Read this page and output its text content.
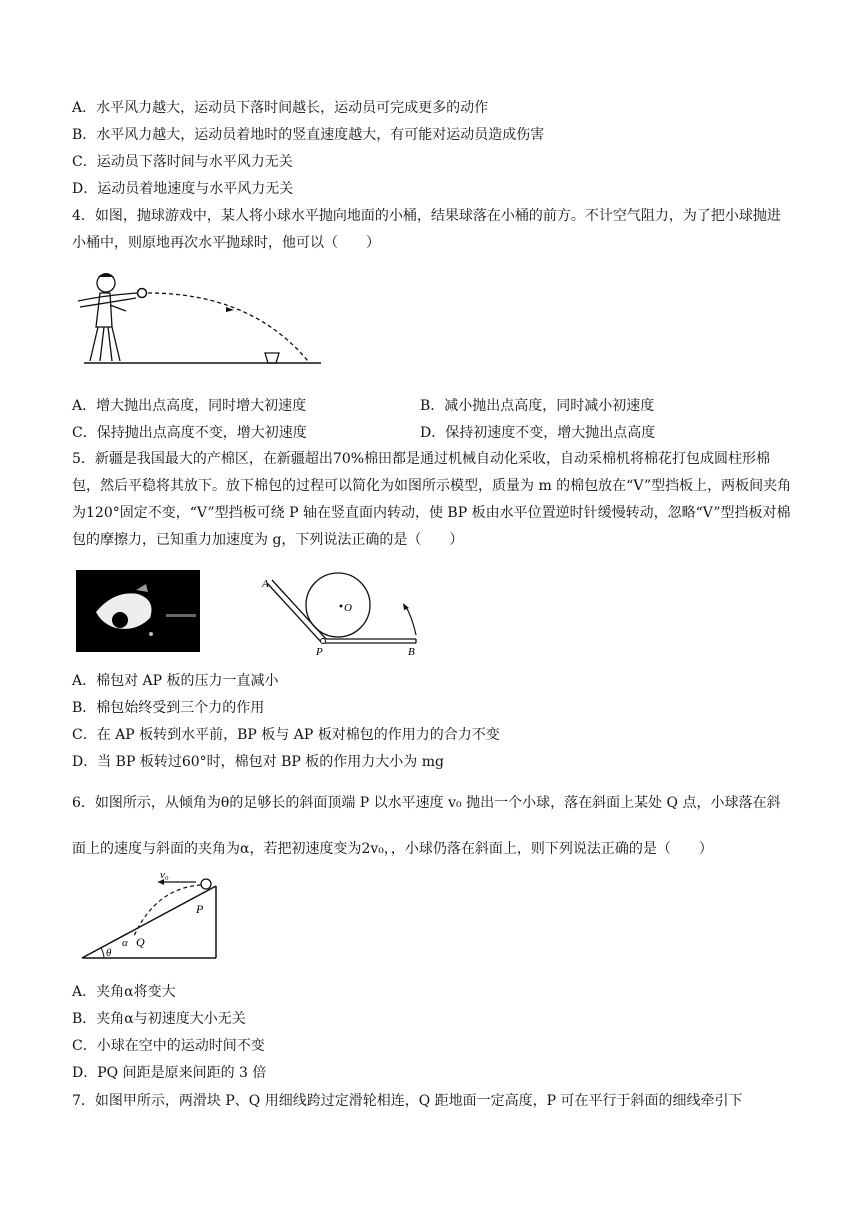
A．水平风力越大，运动员下落时间越长，运动员可完成更多的动作
B．水平风力越大，运动员着地时的竖直速度越大，有可能对运动员造成伤害
C．运动员下落时间与水平风力无关
D．运动员着地速度与水平风力无关
4．如图，抛球游戏中，某人将小球水平抛向地面的小桶，结果球落在小桶的前方。不计空气阻力，为了把小球抛进小桶中，则原地再次水平抛球时，他可以（　　）
A．增大抛出点高度，同时增大初速度	B．减小抛出点高度，同时减小初速度
C．保持抛出点高度不变，增大初速度	D．保持初速度不变，增大抛出点高度
5．新疆是我国最大的产棉区，在新疆超出70%棉田都是通过机械自动化采收，自动采棉机将棉花打包成圆柱形棉包，然后平稳将其放下。放下棉包的过程可以简化为如图所示模型，质量为 m 的棉包放在“V”型挡板上，两板间夹角为120°固定不变，“V”型挡板可绕 P 轴在竖直面内转动，使 BP 板由水平位置逆时针缓慢转动，忽略“V”型挡板对棉包的摩擦力，已知重力加速度为 g，下列说法正确的是（　　）
A
O
P	B
A．棉包对 AP 板的压力一直减小
B．棉包始终受到三个力的作用
C．在 AP 板转到水平前，BP 板与 AP 板对棉包的作用力的合力不变
D．当 BP 板转过60°时，棉包对 BP 板的作用力大小为 mg
6．如图所示，从倾角为θ的足够长的斜面顶端 P 以水平速度 v₀ 抛出一个小球，落在斜面上某处 Q 点，小球落在斜面上的速度与斜面的夹角为α，若把初速度变为2v₀，，小球仍落在斜面上，则下列说法正确的是（　　）
v₀
P
Q
α
θ
A．夹角α将变大
B．夹角α与初速度大小无关
C．小球在空中的运动时间不变
D．PQ 间距是原来间距的 3 倍
7．如图甲所示，两滑块 P、Q 用细线跨过定滑轮相连，Q 距地面一定高度，P 可在平行于斜面的细线牵引下
